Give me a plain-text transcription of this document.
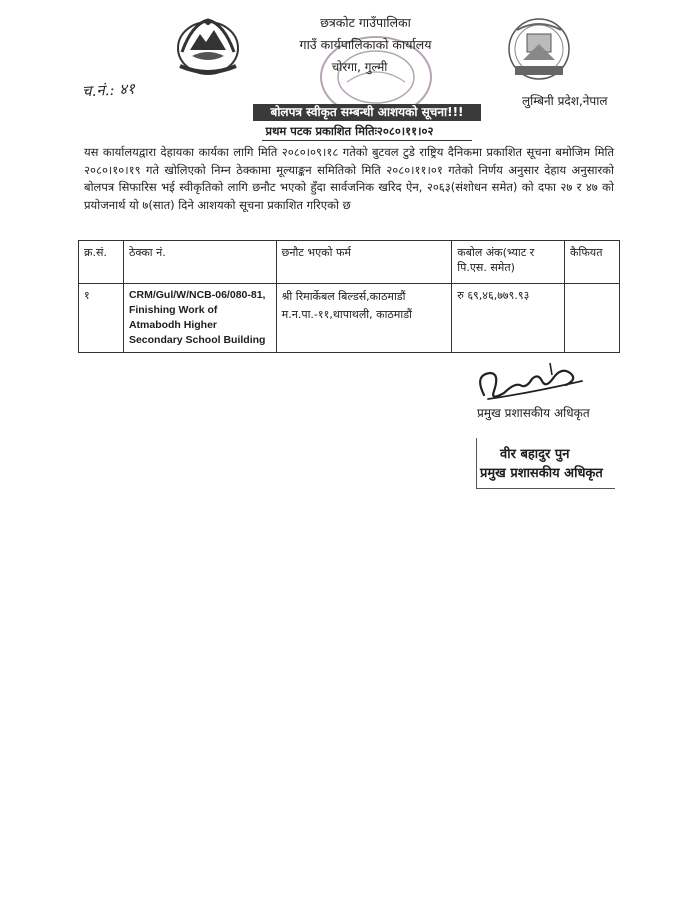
छत्रकोट गाउँपालिका
गाउँ कार्यपालिकाको कार्यालय
चोरगा, गुल्मी
च.नं.: ४१
लुम्बिनी प्रदेश,नेपाल
बोलपत्र स्वीकृत सम्बन्धी आशयको सूचना!!!
प्रथम पटक प्रकाशित मितिः२०८०।११।०२

यस कार्यालयद्वारा देहायका कार्यका लागि मिति २०८०।०९।१८ गतेको बुटवल टुडे राष्ट्रिय दैनिकमा प्रकाशित सूचना बमोजिम मिति २०८०।१०।१९ गते खोलिएको निम्न ठेक्कामा मूल्याङ्कन समितिको मिति २०८०।११।०१ गतेको निर्णय अनुसार देहाय अनुसारको बोलपत्र सिफारिस भई स्वीकृतिको लागि छनौट भएको हुँदा सार्वजनिक खरिद ऐन, २०६३(संशोधन समेत) को दफा २७ र ४७ को प्रयोजनार्थ यो ७(सात) दिने आशयको सूचना प्रकाशित गरिएको छ

क्र.सं.	ठेक्का नं.	छनौट भएको फर्म	कबोल अंक(भ्याट र पि.एस. समेत)	कैफियत
१	CRM/Gul/W/NCB-06/080-81, Finishing Work of Atmabodh Higher Secondary School Building	श्री रिमार्केबल बिल्डर्स,काठमाडौं म.न.पा.-११,थापाथली, काठमाडौं	रु ६९,४६,७७९.९३	
प्रमुख प्रशासकीय अधिकृत
वीर बहादुर पुन
प्रमुख प्रशासकीय अधिकृत
